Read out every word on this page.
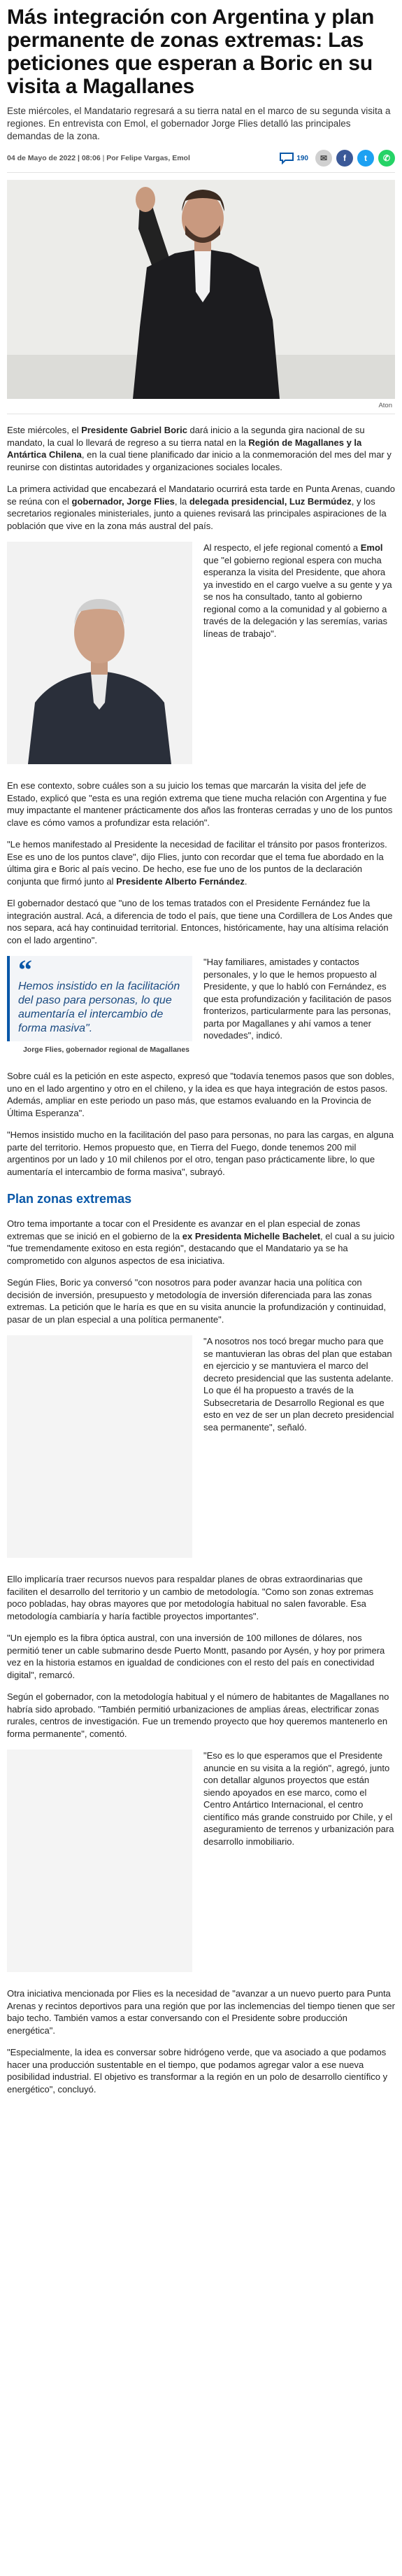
Más integración con Argentina y plan permanente de zonas extremas: Las peticiones que esperan a Boric en su visita a Magallanes

Este miércoles, el Mandatario regresará a su tierra natal en el marco de su segunda visita a regiones. En entrevista con Emol, el gobernador Jorge Flies detalló las principales demandas de la zona.

04 de Mayo de 2022 | 08:06 | Por Felipe Vargas, Emol	190 ✉ f t ✆
Aton

Este miércoles, el Presidente Gabriel Boric dará inicio a la segunda gira nacional de su mandato, la cual lo llevará de regreso a su tierra natal en la Región de Magallanes y la Antártica Chilena, en la cual tiene planificado dar inicio a la conmemoración del mes del mar y reunirse con distintas autoridades y organizaciones sociales locales.

La primera actividad que encabezará el Mandatario ocurrirá esta tarde en Punta Arenas, cuando se reúna con el gobernador, Jorge Flies, la delegada presidencial, Luz Bermúdez, y los secretarios regionales ministeriales, junto a quienes revisará las principales aspiraciones de la población que vive en la zona más austral del país.

Al respecto, el jefe regional comentó a Emol que "el gobierno regional espera con mucha esperanza la visita del Presidente, que ahora ya investido en el cargo vuelve a su gente y ya se nos ha consultado, tanto al gobierno regional como a la comunidad y al gobierno a través de la delegación y las seremías, varias líneas de trabajo".

En ese contexto, sobre cuáles son a su juicio los temas que marcarán la visita del jefe de Estado, explicó que "esta es una región extrema que tiene mucha relación con Argentina y fue muy impactante el mantener prácticamente dos años las fronteras cerradas y uno de los puntos clave es cómo vamos a profundizar esta relación".

"Le hemos manifestado al Presidente la necesidad de facilitar el tránsito por pasos fronterizos. Ese es uno de los puntos clave", dijo Flies, junto con recordar que el tema fue abordado en la última gira e Boric al país vecino. De hecho, ese fue uno de los puntos de la declaración conjunta que firmó junto al Presidente Alberto Fernández.

El gobernador destacó que "uno de los temas tratados con el Presidente Fernández fue la integración austral. Acá, a diferencia de todo el país, que tiene una Cordillera de Los Andes que nos separa, acá hay continuidad territorial. Entonces, históricamente, hay una altísima relación con el lado argentino".

“
Hemos insistido en la facilitación del paso para personas, lo que aumentaría el intercambio de forma masiva".
Jorge Flies, gobernador regional de Magallanes

"Hay familiares, amistades y contactos personales, y lo que le hemos propuesto al Presidente, y que lo habló con Fernández, es que esta profundización y facilitación de pasos fronterizos, particularmente para las personas, parta por Magallanes y ahí vamos a tener novedades", indicó.

Sobre cuál es la petición en este aspecto, expresó que "todavía tenemos pasos que son dobles, uno en el lado argentino y otro en el chileno, y la idea es que haya integración de estos pasos. Además, ampliar en este periodo un paso más, que estamos evaluando en la Provincia de Última Esperanza".

"Hemos insistido mucho en la facilitación del paso para personas, no para las cargas, en alguna parte del territorio. Hemos propuesto que, en Tierra del Fuego, donde tenemos 200 mil argentinos por un lado y 10 mil chilenos por el otro, tengan paso prácticamente libre, lo que aumentaría el intercambio de forma masiva", subrayó.

Plan zonas extremas

Otro tema importante a tocar con el Presidente es avanzar en el plan especial de zonas extremas que se inició en el gobierno de la ex Presidenta Michelle Bachelet, el cual a su juicio "fue tremendamente exitoso en esta región", destacando que el Mandatario ya se ha comprometido con algunos aspectos de esa iniciativa.

Según Flies, Boric ya conversó "con nosotros para poder avanzar hacia una política con decisión de inversión, presupuesto y metodología de inversión diferenciada para las zonas extremas. La petición que le haría es que en su visita anuncie la profundización y continuidad, pasar de un plan especial a una política permanente".

"A nosotros nos tocó bregar mucho para que se mantuvieran las obras del plan que estaban en ejercicio y se mantuviera el marco del decreto presidencial que las sustenta adelante. Lo que él ha propuesto a través de la Subsecretaria de Desarrollo Regional es que esto en vez de ser un plan decreto presidencial sea permanente", señaló.

Ello implicaría traer recursos nuevos para respaldar planes de obras extraordinarias que faciliten el desarrollo del territorio y un cambio de metodología. "Como son zonas extremas poco pobladas, hay obras mayores que por metodología habitual no salen favorable. Esa metodología cambiaría y haría factible proyectos importantes".

"Un ejemplo es la fibra óptica austral, con una inversión de 100 millones de dólares, nos permitió tener un cable submarino desde Puerto Montt, pasando por Aysén, y hoy por primera vez en la historia estamos en igualdad de condiciones con el resto del país en conectividad digital", remarcó.

Según el gobernador, con la metodología habitual y el número de habitantes de Magallanes no habría sido aprobado. "También permitió urbanizaciones de amplias áreas, electrificar zonas rurales, centros de investigación. Fue un tremendo proyecto que hoy queremos mantenerlo en forma permanente", comentó.

"Eso es lo que esperamos que el Presidente anuncie en su visita a la región", agregó, junto con detallar algunos proyectos que están siendo apoyados en ese marco, como el Centro Antártico Internacional, el centro científico más grande construido por Chile, y el aseguramiento de terrenos y urbanización para desarrollo inmobiliario.

Otra iniciativa mencionada por Flies es la necesidad de "avanzar a un nuevo puerto para Punta Arenas y recintos deportivos para una región que por las inclemencias del tiempo tienen que ser bajo techo. También vamos a estar conversando con el Presidente sobre producción energética".

"Especialmente, la idea es conversar sobre hidrógeno verde, que va asociado a que podamos hacer una producción sustentable en el tiempo, que podamos agregar valor a ese nueva posibilidad industrial. El objetivo es transformar a la región en un polo de desarrollo científico y energético", concluyó.
